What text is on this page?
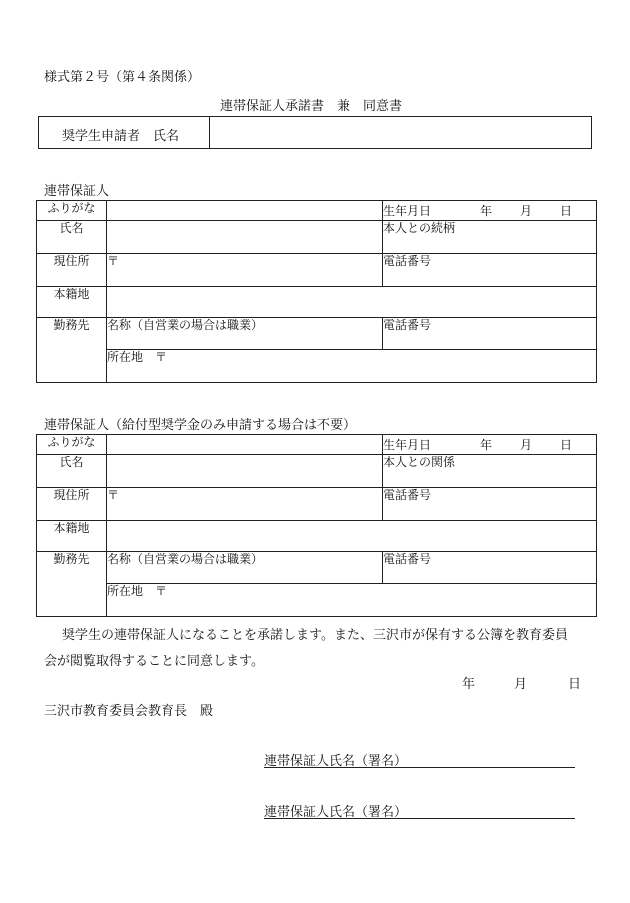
様式第２号（第４条関係）
連帯保証人承諾書　兼　同意書
奨学生申請者　氏名
連帯保証人
ふりがな		生年月日 年 月 日

氏名		本人との続柄
現住所	〒	電話番号
本籍地		
勤務先	名称（自営業の場合は職業）	電話番号
	所在地　〒	
連帯保証人（給付型奨学金のみ申請する場合は不要）
ふりがな		生年月日 年 月 日

氏名		本人との関係
現住所	〒	電話番号
本籍地		
勤務先	名称（自営業の場合は職業）	電話番号
	所在地　〒	
奨学生の連帯保証人になることを承諾します。また、三沢市が保有する公簿を教育委員
会が閲覧取得することに同意します。
年	月	日
三沢市教育委員会教育長　殿
連帯保証人氏名（署名）
連帯保証人氏名（署名）
